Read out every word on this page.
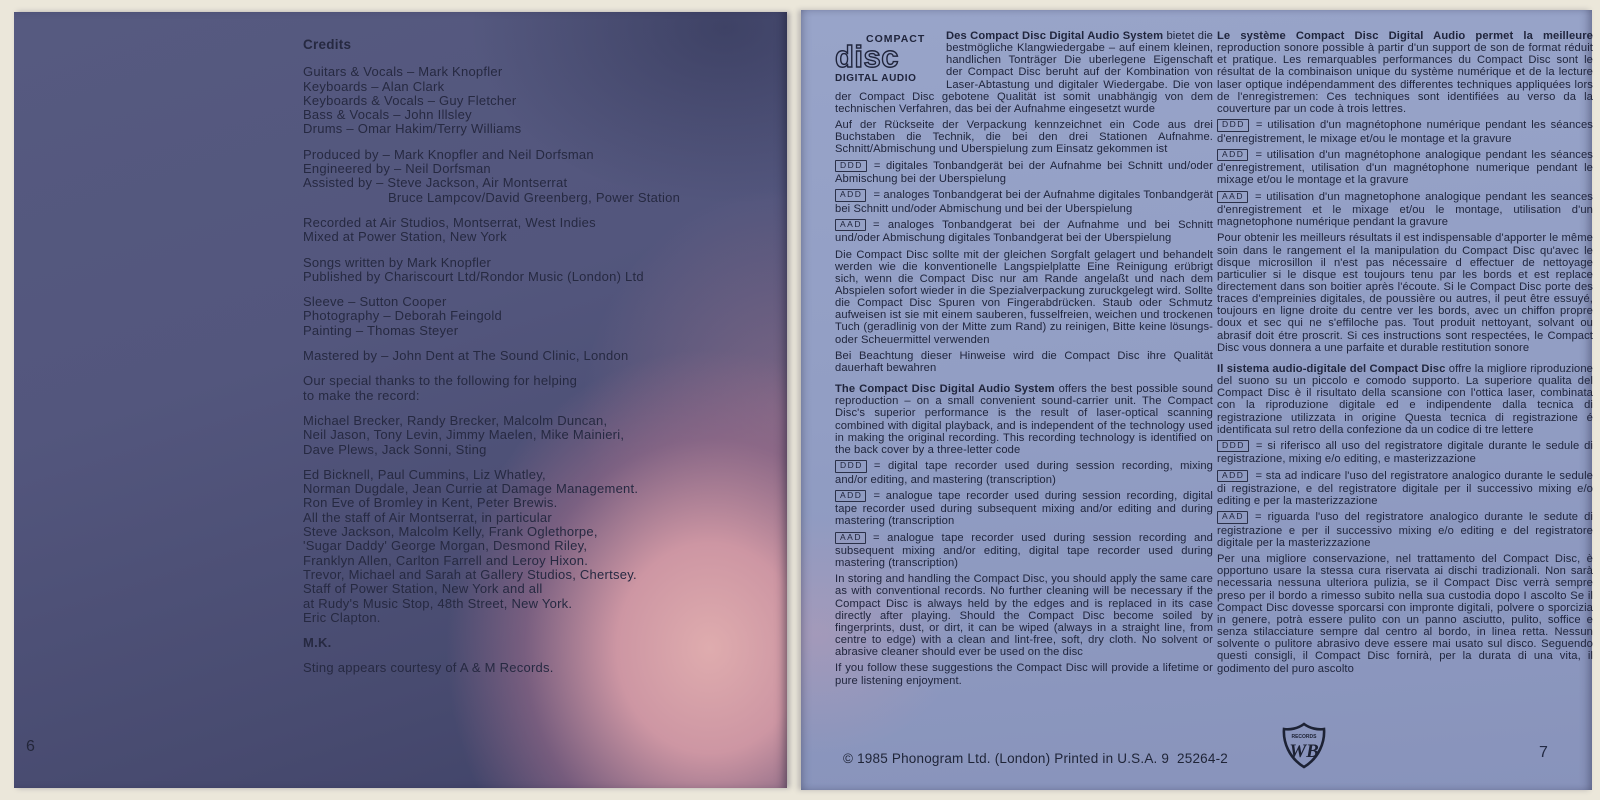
Credits
Guitars & Vocals – Mark Knopfler
Keyboards – Alan Clark
Keyboards & Vocals – Guy Fletcher
Bass & Vocals – John Illsley
Drums – Omar Hakim/Terry Williams
Produced by – Mark Knopfler and Neil Dorfsman
Engineered by – Neil Dorfsman
Assisted by – Steve Jackson, Air Montserrat
Bruce Lampcov/David Greenberg, Power Station
Recorded at Air Studios, Montserrat, West Indies
Mixed at Power Station, New York
Songs written by Mark Knopfler
Published by Chariscourt Ltd/Rondor Music (London) Ltd
Sleeve – Sutton Cooper
Photography – Deborah Feingold
Painting – Thomas Steyer
Mastered by – John Dent at The Sound Clinic, London
Our special thanks to the following for helping
to make the record:
Michael Brecker, Randy Brecker, Malcolm Duncan,
Neil Jason, Tony Levin, Jimmy Maelen, Mike Mainieri,
Dave Plews, Jack Sonni, Sting
Ed Bicknell, Paul Cummins, Liz Whatley,
Norman Dugdale, Jean Currie at Damage Management.
Ron Eve of Bromley in Kent, Peter Brewis.
All the staff of Air Montserrat, in particular
Steve Jackson, Malcolm Kelly, Frank Oglethorpe,
'Sugar Daddy' George Morgan, Desmond Riley,
Franklyn Allen, Carlton Farrell and Leroy Hixon.
Trevor, Michael and Sarah at Gallery Studios, Chertsey.
Staff of Power Station, New York and all
at Rudy's Music Stop, 48th Street, New York.
Eric Clapton.
M.K.
Sting appears courtesy of A & M Records.
6
COMPACT
disc
DIGITAL AUDIO

Des Compact Disc Digital Audio System bietet die bestmögliche Klangwiedergabe – auf einem kleinen, handlichen Tonträger Die uberlegene Eigenschaft der Compact Disc beruht auf der Kombination von Laser-Abtastung und digitaler Wiedergabe. Die von der Compact Disc gebotene Qualität ist somit unabhängig von dem technischen Verfahren, das bei der Aufnahme eingesetzt wurde

Auf der Rückseite der Verpackung kennzeichnet ein Code aus drei Buchstaben die Technik, die bei den drei Stationen Aufnahme. Schnitt/Abmischung und Uberspielung zum Einsatz gekommen ist

DDD = digitales Tonbandgerät bei der Aufnahme bei Schnitt und/oder Abmischung bei der Uberspielung

ADD = analoges Tonbandgerat bei der Aufnahme digitales Tonbandgerät bei Schnitt und/oder Abmischung und bei der Uberspielung

AAD = analoges Tonbandgerat bei der Aufnahme und bei Schnitt und/oder Abmischung digitales Tonbandgerat bei der Uberspielung

Die Compact Disc sollte mit der gleichen Sorgfalt gelagert und behandelt werden wie die konventionelle Langspielplatte Eine Reinigung erübrigt sich, wenn die Compact Disc nur am Rande angelaßt und nach dem Abspielen sofort wieder in die Spezialverpackung zuruckgelegt wird. Sollte die Compact Disc Spuren von Fingerabdrücken. Staub oder Schmutz aufweisen ist sie mit einem sauberen, fusselfreien, weichen und trockenen Tuch (geradlinig von der Mitte zum Rand) zu reinigen, Bitte keine lösungs- oder Scheuermittel verwenden

Bei Beachtung dieser Hinweise wird die Compact Disc ihre Qualität dauerhaft bewahren

The Compact Disc Digital Audio System offers the best possible sound reproduction – on a small convenient sound-carrier unit. The Compact Disc's superior performance is the result of laser-optical scanning combined with digital playback, and is independent of the technology used in making the original recording. This recording technology is identified on the back cover by a three-letter code

DDD = digital tape recorder used during session recording, mixing and/or editing, and mastering (transcription)

ADD = analogue tape recorder used during session recording, digital tape recorder used during subsequent mixing and/or editing and during mastering (transcription

AAD = analogue tape recorder used during session recording and subsequent mixing and/or editing, digital tape recorder used during mastering (transcription)

In storing and handling the Compact Disc, you should apply the same care as with conventional records. No further cleaning will be necessary if the Compact Disc is always held by the edges and is replaced in its case directly after playing. Should the Compact Disc become soiled by fingerprints, dust, or dirt, it can be wiped (always in a straight line, from centre to edge) with a clean and lint-free, soft, dry cloth. No solvent or abrasive cleaner should ever be used on the disc

If you follow these suggestions the Compact Disc will provide a lifetime or pure listening enjoyment.

Le système Compact Disc Digital Audio permet la meilleure reproduction sonore possible à partir d'un support de son de format réduit et pratique. Les remarquables performances du Compact Disc sont le résultat de la combinaison unique du système numérique et de la lecture laser optique indépendamment des differentes techniques appliquées lors de l'enregistremen: Ces techniques sont identifiées au verso da la couverture par un code à trois lettres.

DDD = utilisation d'un magnétophone numérique pendant les séances d'enregistrement, le mixage et/ou le montage et la gravure

ADD = utilisation d'un magnétophone analogique pendant les séances d'enregistrement, utilisation d'un magnétophone numerique pendant le mixage et/ou le montage et la gravure

AAD = utilisation d'un magnetophone analogique pendant les seances d'enregistrement et le mixage et/ou le montage, utilisation d'un magnetophone numérique pendant la gravure

Pour obtenir les meilleurs résultats il est indispensable d'apporter le même soin dans le rangement el la manipulation du Compact Disc qu'avec le disque microsillon il n'est pas nécessaire d effectuer de nettoyage particulier si le disque est toujours tenu par les bords et est replace directement dans son boitier après l'écoute. Si le Compact Disc porte des traces d'empreinies digitales, de poussière ou autres, il peut être essuyé, toujours en ligne droite du centre ver les bords, avec un chiffon propre doux et sec qui ne s'effiloche pas. Tout produit nettoyant, solvant ou abrasif doit étre proscrit. Si ces instructions sont respectées, le Compact Disc vous donnera a une parfaite et durable restitution sonore

Il sistema audio-digitale del Compact Disc offre la migliore riproduzione del suono su un piccolo e comodo supporto. La superiore qualita del Compact Disc è il risultato della scansione con l'ottica laser, combinata con la riproduzione digitale ed e indipendente dalla tecnica di registrazione utilizzata in origine Questa tecnica di registrazione é identificata sul retro della confezione da un codice di tre lettere

DDD = si riferisco all uso del registratore digitale durante le sedule di registrazione, mixing e/o editing, e masterizzazione

ADD = sta ad indicare l'uso del registratore analogico durante le sedule di registrazione, e del registratore digitale per il successivo mixing e/o editing e per la masterizzazione

AAD = riguarda l'uso del registratore analogico durante le sedute di registrazione e per il successivo mixing e/o editing e del registratore digitale per la masterizzazione

Per una migliore conservazione, nel trattamento del Compact Disc, è opportuno usare la stessa cura riservata ai dischi tradizionali. Non sarà necessaria nessuna ulteriora pulizia, se il Compact Disc verrà sempre preso per il bordo a rimesso subito nella sua custodia dopo I ascolto Se il Compact Disc dovesse sporcarsi con impronte digitali, polvere o sporcizia in genere, potrà essere pulito con un panno asciutto, pulito, soffice e senza stilacciature sempre dal centro al bordo, in linea retta. Nessun solvente o pulitore abrasivo deve essere mai usato sul disco. Seguendo questi consigli, il Compact Disc fornirà, per la durata di una vita, il godimento del puro ascolto

© 1985 Phonogram Ltd. (London) Printed in U.S.A. 9  25264-2
RECORDS
WB	7
